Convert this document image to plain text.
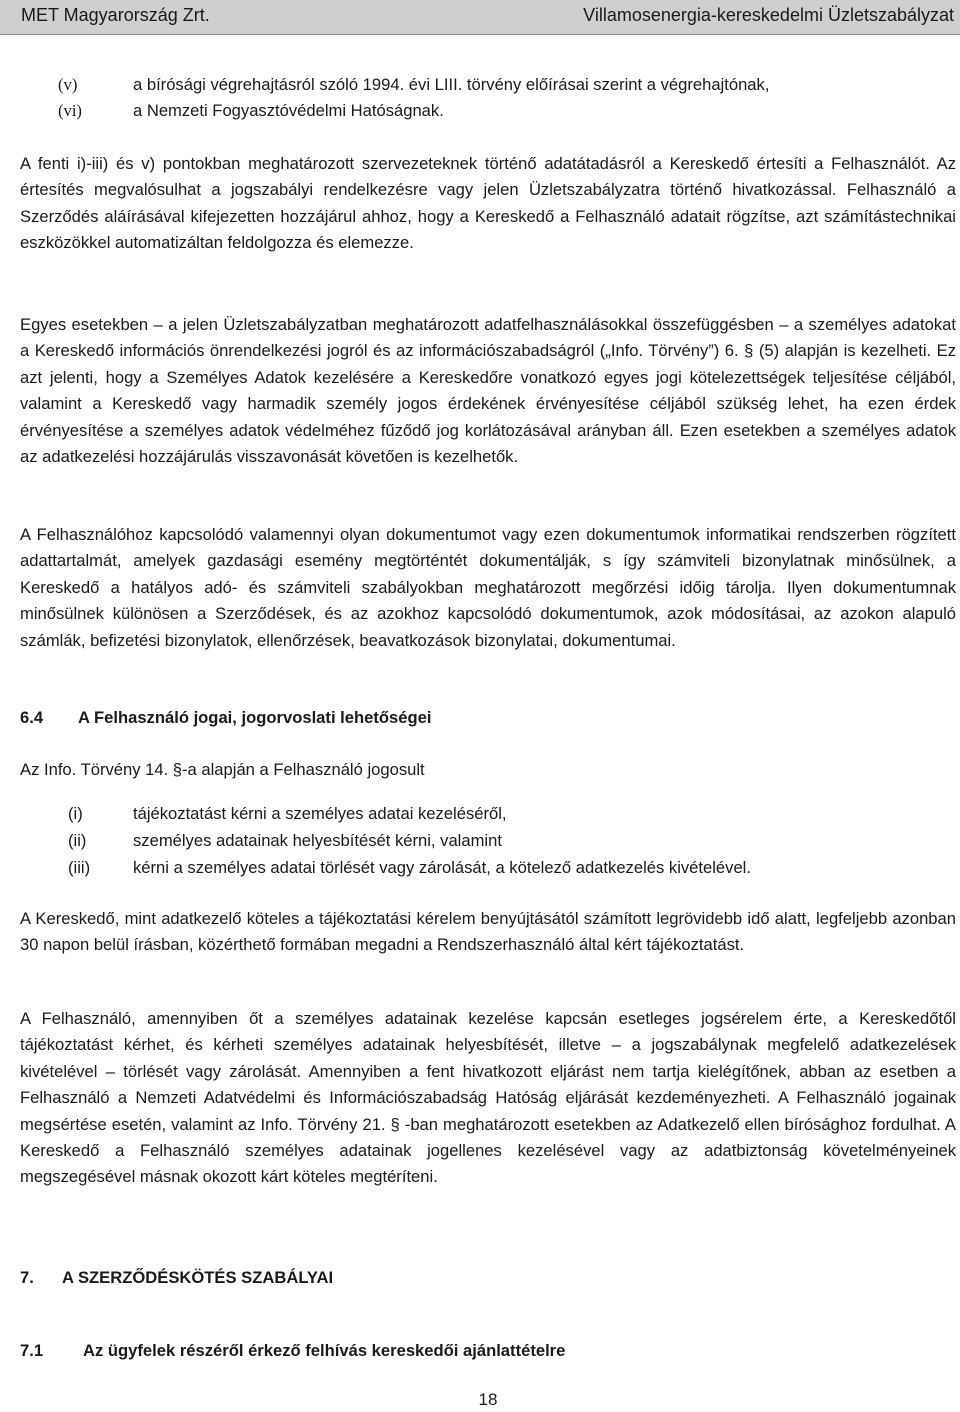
MET Magyarország Zrt.	Villamosenergia-kereskedelmi Üzletszabályzat
(v)	a bírósági végrehajtásról szóló 1994. évi LIII. törvény előírásai szerint a végrehajtónak,
(vi)	a Nemzeti Fogyasztóvédelmi Hatóságnak.

A fenti i)-iii) és v) pontokban meghatározott szervezeteknek történő adatátadásról a Kereskedő értesíti a Felhasználót. Az értesítés megvalósulhat a jogszabályi rendelkezésre vagy jelen Üzletszabályzatra történő hivatkozással. Felhasználó a Szerződés aláírásával kifejezetten hozzájárul ahhoz, hogy a Kereskedő a Felhasználó adatait rögzítse, azt számítástechnikai eszközökkel automatizáltan feldolgozza és elemezze.

Egyes esetekben – a jelen Üzletszabályzatban meghatározott adatfelhasználásokkal összefüggésben – a személyes adatokat a Kereskedő információs önrendelkezési jogról és az információszabadságról („Info. Törvény”) 6. § (5) alapján is kezelheti. Ez azt jelenti, hogy a Személyes Adatok kezelésére a Kereskedőre vonatkozó egyes jogi kötelezettségek teljesítése céljából, valamint a Kereskedő vagy harmadik személy jogos érdekének érvényesítése céljából szükség lehet, ha ezen érdek érvényesítése a személyes adatok védelméhez fűződő jog korlátozásával arányban áll. Ezen esetekben a személyes adatok az adatkezelési hozzájárulás visszavonását követően is kezelhetők.

A Felhasználóhoz kapcsolódó valamennyi olyan dokumentumot vagy ezen dokumentumok informatikai rendszerben rögzített adattartalmát, amelyek gazdasági esemény megtörténtét dokumentálják, s így számviteli bizonylatnak minősülnek, a Kereskedő a hatályos adó- és számviteli szabályokban meghatározott megőrzési időig tárolja. Ilyen dokumentumnak minősülnek különösen a Szerződések, és az azokhoz kapcsolódó dokumentumok, azok módosításai, az azokon alapuló számlák, befizetési bizonylatok, ellenőrzések, beavatkozások bizonylatai, dokumentumai.

6.4 A Felhasználó jogai, jogorvoslati lehetőségei

Az Info. Törvény 14. §-a alapján a Felhasználó jogosult

(i)	tájékoztatást kérni a személyes adatai kezeléséről,
(ii)	személyes adatainak helyesbítését kérni, valamint
(iii)	kérni a személyes adatai törlését vagy zárolását, a kötelező adatkezelés kivételével.

A Kereskedő, mint adatkezelő köteles a tájékoztatási kérelem benyújtásától számított legrövidebb idő alatt, legfeljebb azonban 30 napon belül írásban, közérthető formában megadni a Rendszerhasználó által kért tájékoztatást.

A Felhasználó, amennyiben őt a személyes adatainak kezelése kapcsán esetleges jogsérelem érte, a Kereskedőtől tájékoztatást kérhet, és kérheti személyes adatainak helyesbítését, illetve – a jogszabálynak megfelelő adatkezelések kivételével – törlését vagy zárolását. Amennyiben a fent hivatkozott eljárást nem tartja kielégítőnek, abban az esetben a Felhasználó a Nemzeti Adatvédelmi és Információszabadság Hatóság eljárását kezdeményezheti. A Felhasználó jogainak megsértése esetén, valamint az Info. Törvény 21. § -ban meghatározott esetekben az Adatkezelő ellen bírósághoz fordulhat. A Kereskedő a Felhasználó személyes adatainak jogellenes kezelésével vagy az adatbiztonság követelményeinek megszegésével másnak okozott kárt köteles megtéríteni.

7. A SZERZŐDÉSKÖTÉS SZABÁLYAI
7.1 Az ügyfelek részéről érkező felhívás kereskedői ajánlattételre
18
